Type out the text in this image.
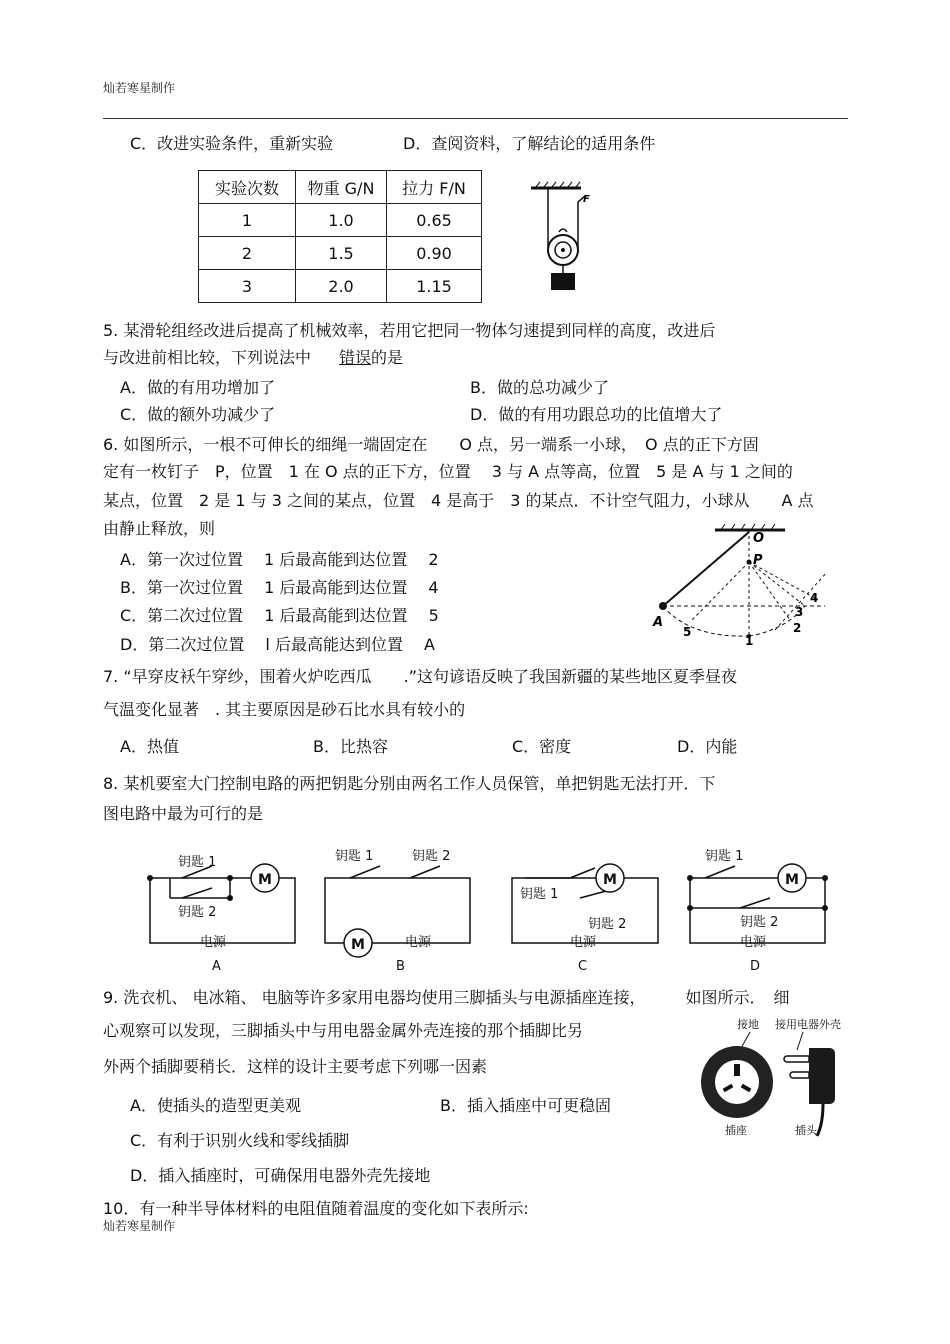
灿若寒星制作
C．改进实验条件，重新实验	D．查阅资料，了解结论的适用条件
实验次数	物重 G/N	拉力 F/N
1	1.0	0.65
2	1.5	0.90
3	2.0	1.15
F
5. 某滑轮组经改进后提高了机械效率，若用它把同一物体匀速提到同样的高度，改进后
与改进前相比较，下列说法中 错误的是
A．做的有用功增加了	B．做的总功减少了
C．做的额外功减少了	D．做的有用功跟总功的比值增大了
6. 如图所示，一根不可伸长的细绳一端固定在　　O 点，另一端系一小球，　O 点的正下方固
定有一枚钉子　P，位置　1 在 O 点的正下方，位置　 3 与 A 点等高，位置　5 是 A 与 1 之间的
某点，位置　2 是 1 与 3 之间的某点，位置　4 是高于　3 的某点．不计空气阻力，小球从　　A 点
由静止释放，则
A．第一次过位置　 1 后最高能到达位置　 2
B．第一次过位置　 1 后最高能到达位置　 4
C．第二次过位置　 1 后最高能到达位置　 5
D．第二次过位置　 l 后最高能达到位置　 A
O
P
A
1
2
3
4
5
7. “早穿皮袄午穿纱，围着火炉吃西瓜　　.”这句谚语反映了我国新疆的某些地区夏季昼夜
气温变化显著　. 其主要原因是砂石比水具有较小的
A．热值	B．比热容	C．密度	D．内能
8. 某机要室大门控制电路的两把钥匙分别由两名工作人员保管，单把钥匙无法打开．下
图电路中最为可行的是
M
M
M	M
钥匙 1
钥匙 2
电源
钥匙 1	钥匙 2
电源
钥匙 1
钥匙 2
电源
钥匙 1
钥匙 2
电源
A	B	C	D
9. 洗衣机、 电冰箱、 电脑等许多家用电器均使用三脚插头与电源插座连接，　　　如图所示．　细
心观察可以发现，三脚插头中与用电器金属外壳连接的那个插脚比另
外两个插脚要稍长．这样的设计主要考虑下列哪一因素
A．使插头的造型更美观	B．插入插座中可更稳固
C．有利于识别火线和零线插脚
D．插入插座时，可确保用电器外壳先接地
接地 接用电器外壳
插座	插头
10．有一种半导体材料的电阻值随着温度的变化如下表所示:
灿若寒星制作
